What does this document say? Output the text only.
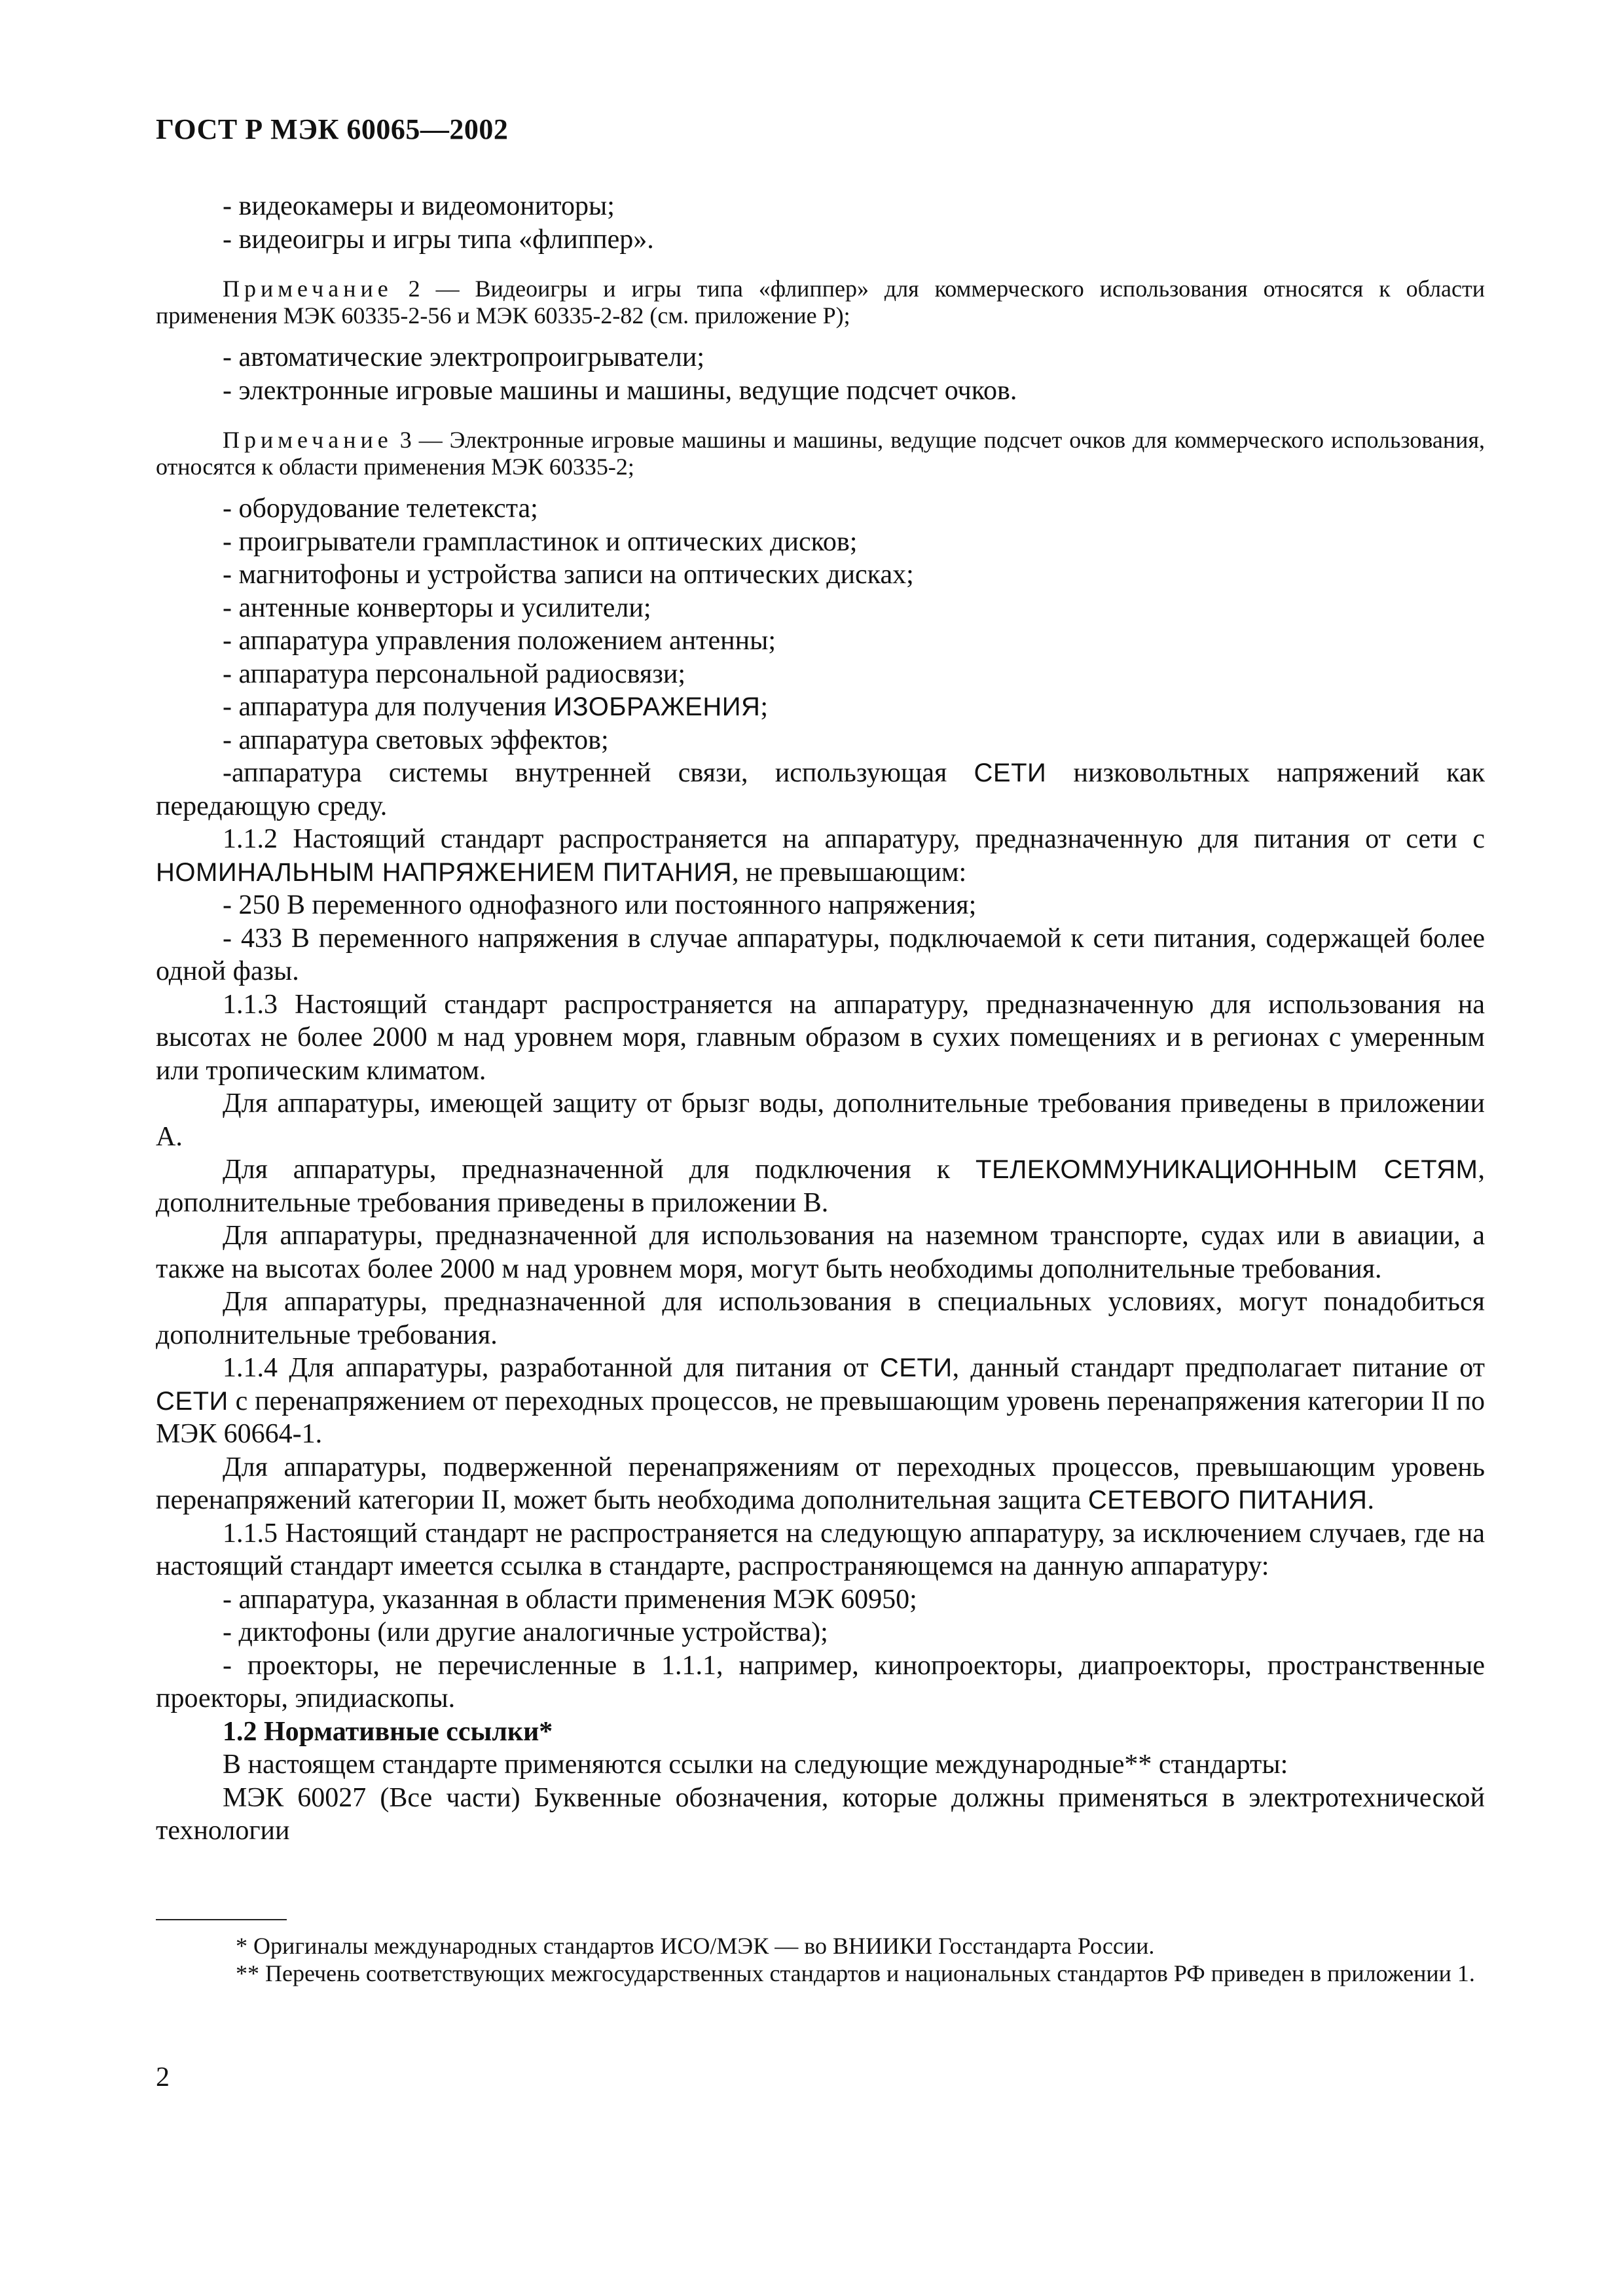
ГОСТ Р МЭК 60065—2002

- видеокамеры и видеомониторы;

- видеоигры и игры типа «флиппер».

Примечание 2 — Видеоигры и игры типа «флиппер» для коммерческого использования относятся к области применения МЭК 60335-2-56 и МЭК 60335-2-82 (см. приложение Р);

- автоматические электропроигрыватели;

- электронные игровые машины и машины, ведущие подсчет очков.

Примечание 3 — Электронные игровые машины и машины, ведущие подсчет очков для коммерческого использования, относятся к области применения МЭК 60335-2;

- оборудование телетекста;

- проигрыватели грампластинок и оптических дисков;

- магнитофоны и устройства записи на оптических дисках;

- антенные конверторы и усилители;

- аппаратура управления положением антенны;

- аппаратура персональной радиосвязи;

- аппаратура для получения ИЗОБРАЖЕНИЯ;

- аппаратура световых эффектов;

-аппаратура системы внутренней связи, использующая СЕТИ низковольтных напряжений как передающую среду.

1.1.2 Настоящий стандарт распространяется на аппаратуру, предназначенную для питания от сети с НОМИНАЛЬНЫМ НАПРЯЖЕНИЕМ ПИТАНИЯ, не превышающим:

- 250 В переменного однофазного или постоянного напряжения;

- 433 В переменного напряжения в случае аппаратуры, подключаемой к сети питания, содержащей более одной фазы.

1.1.3 Настоящий стандарт распространяется на аппаратуру, предназначенную для использования на высотах не более 2000 м над уровнем моря, главным образом в сухих помещениях и в регионах с умеренным или тропическим климатом.

Для аппаратуры, имеющей защиту от брызг воды, дополнительные требования приведены в приложении А.

Для аппаратуры, предназначенной для подключения к ТЕЛЕКОММУНИКАЦИОННЫМ СЕТЯМ, дополнительные требования приведены в приложении В.

Для аппаратуры, предназначенной для использования на наземном транспорте, судах или в авиации, а также на высотах более 2000 м над уровнем моря, могут быть необходимы дополнительные требования.

Для аппаратуры, предназначенной для использования в специальных условиях, могут понадобиться дополнительные требования.

1.1.4 Для аппаратуры, разработанной для питания от СЕТИ, данный стандарт предполагает питание от СЕТИ с перенапряжением от переходных процессов, не превышающим уровень перенапряжения категории II по МЭК 60664-1.

Для аппаратуры, подверженной перенапряжениям от переходных процессов, превышающим уровень перенапряжений категории II, может быть необходима дополнительная защита СЕТЕВОГО ПИТАНИЯ.

1.1.5 Настоящий стандарт не распространяется на следующую аппаратуру, за исключением случаев, где на настоящий стандарт имеется ссылка в стандарте, распространяющемся на данную аппаратуру:

- аппаратура, указанная в области применения МЭК 60950;

- диктофоны (или другие аналогичные устройства);

- проекторы, не перечисленные в 1.1.1, например, кинопроекторы, диапроекторы, пространственные проекторы, эпидиаскопы.

1.2 Нормативные ссылки*

В настоящем стандарте применяются ссылки на следующие международные** стандарты:

МЭК 60027 (Все части) Буквенные обозначения, которые должны применяться в электротехнической технологии

* Оригиналы международных стандартов ИСО/МЭК — во ВНИИКИ Госстандарта России.

** Перечень соответствующих межгосударственных стандартов и национальных стандартов РФ приведен в приложении 1.

2
